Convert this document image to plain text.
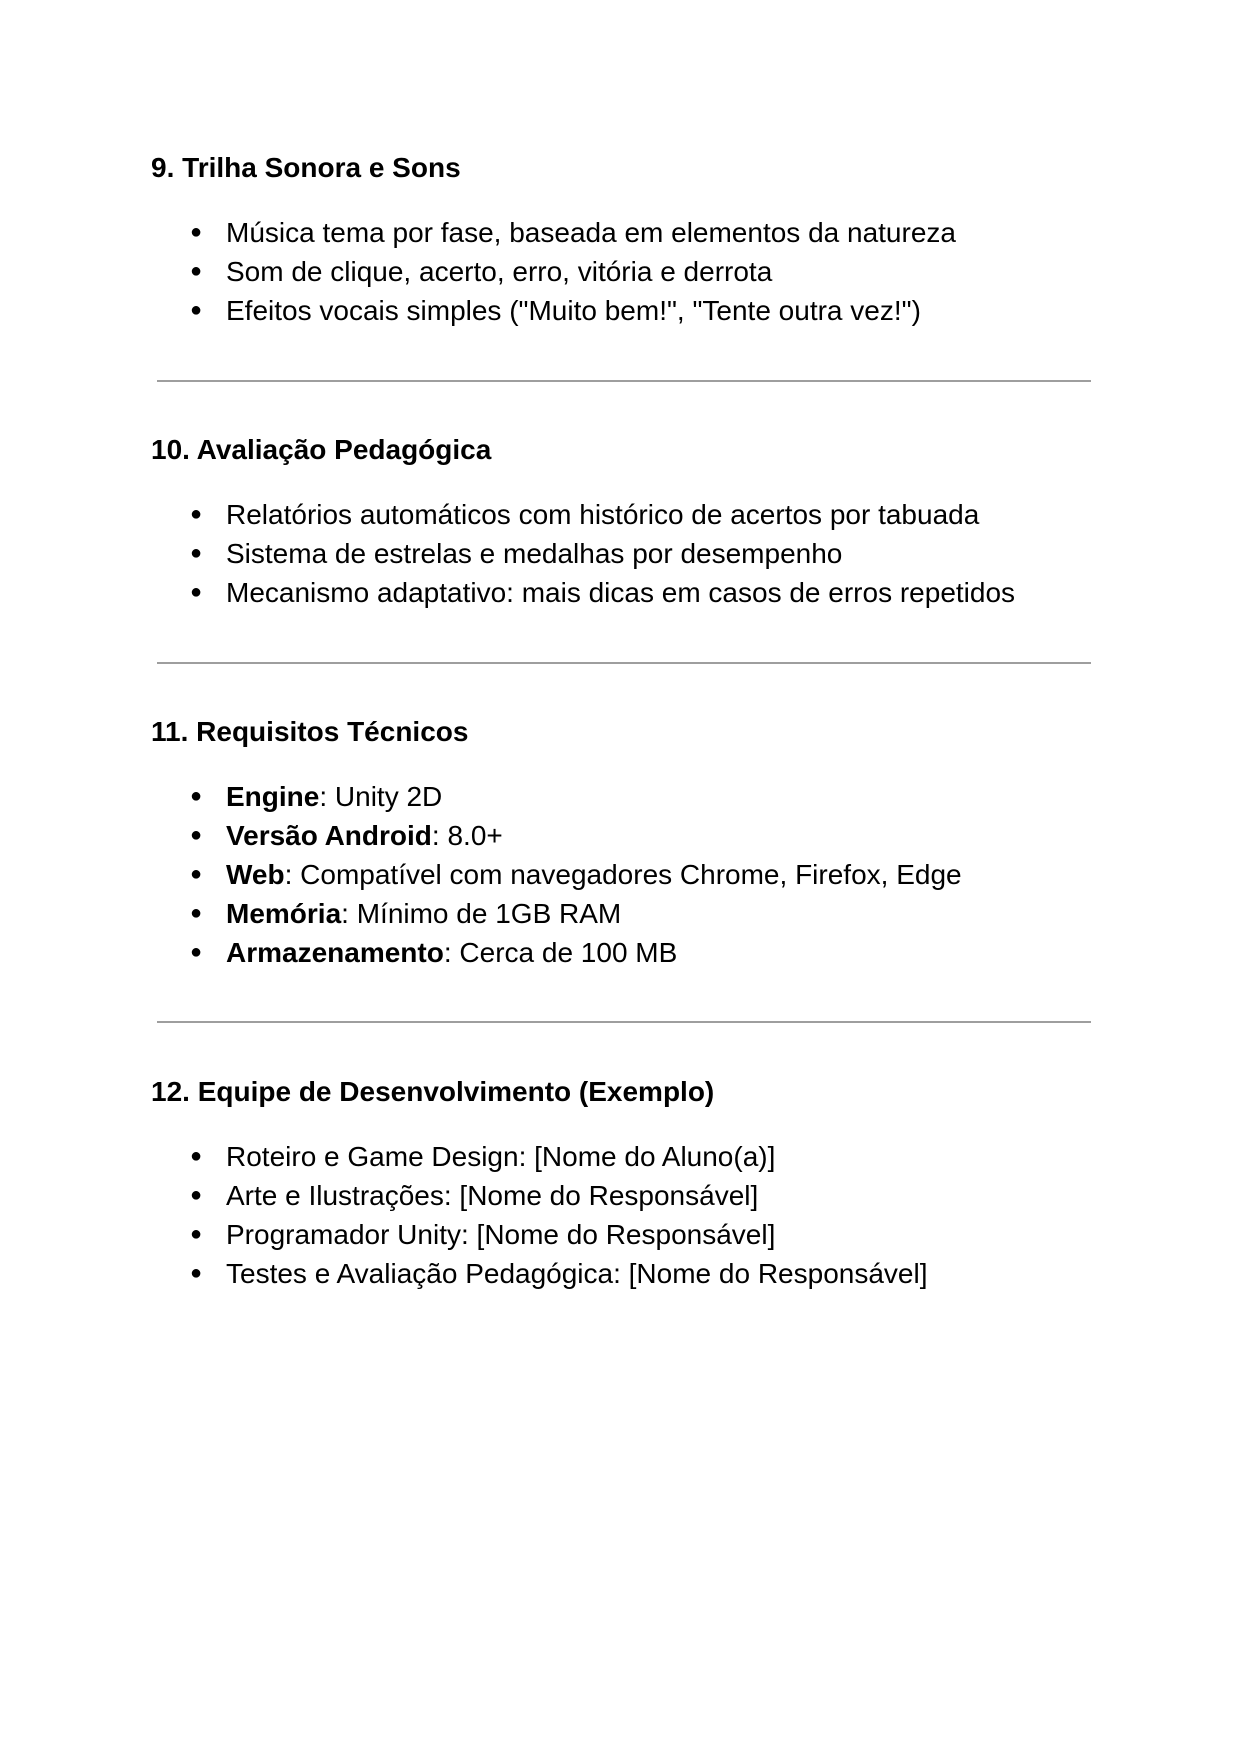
9. Trilha Sonora e Sons
● Música tema por fase, baseada em elementos da natureza
● Som de clique, acerto, erro, vitória e derrota
● Efeitos vocais simples ("Muito bem!", "Tente outra vez!")
10. Avaliação Pedagógica
● Relatórios automáticos com histórico de acertos por tabuada
● Sistema de estrelas e medalhas por desempenho
● Mecanismo adaptativo: mais dicas em casos de erros repetidos
11. Requisitos Técnicos
● Engine: Unity 2D
● Versão Android: 8.0+
● Web: Compatível com navegadores Chrome, Firefox, Edge
● Memória: Mínimo de 1GB RAM
● Armazenamento: Cerca de 100 MB
12. Equipe de Desenvolvimento (Exemplo)
● Roteiro e Game Design: [Nome do Aluno(a)]
● Arte e Ilustrações: [Nome do Responsável]
● Programador Unity: [Nome do Responsável]
● Testes e Avaliação Pedagógica: [Nome do Responsável]
